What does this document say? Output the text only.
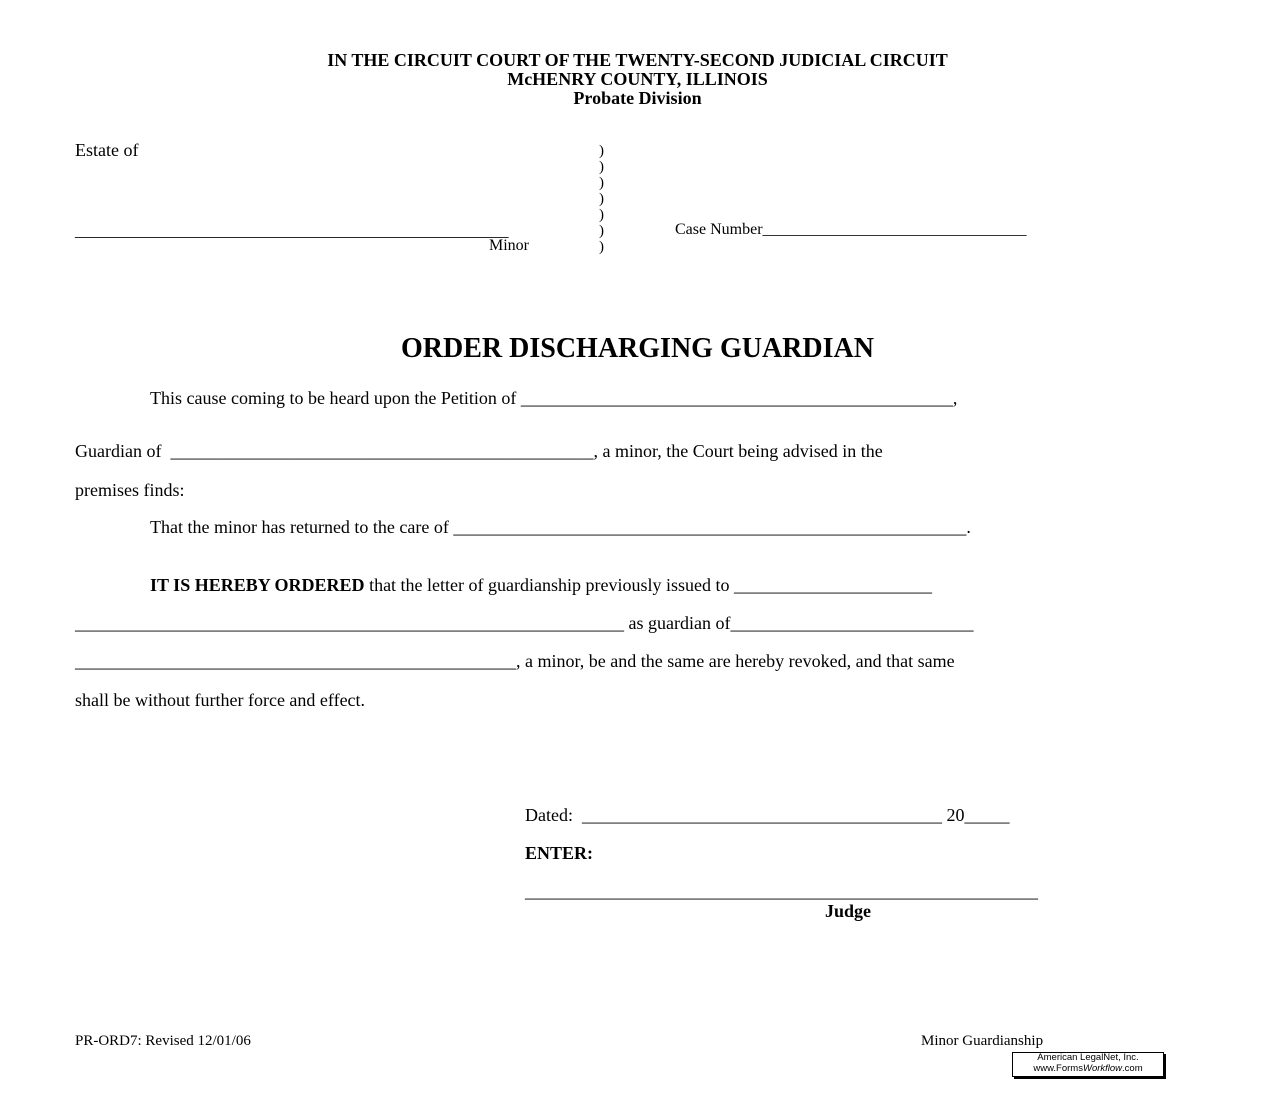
IN THE CIRCUIT COURT OF THE TWENTY-SECOND JUDICIAL CIRCUIT
McHENRY COUNTY, ILLINOIS
Probate Division
Estate of
___________________________________________________
Minor
)
)
)
)
)
)
)
Case Number_________________________________
ORDER DISCHARGING GUARDIAN
This cause coming to be heard upon the Petition of ________________________________________________,
Guardian of  _______________________________________________, a minor, the Court being advised in the
premises finds:
That the minor has returned to the care of _________________________________________________________.
IT IS HEREBY ORDERED that the letter of guardianship previously issued to ______________________
_____________________________________________________________ as guardian of___________________________
_________________________________________________, a minor, be and the same are hereby revoked, and that same
shall be without further force and effect.
Dated: ________________________________________ 20_____
ENTER:
_________________________________________________________
Judge
PR-ORD7: Revised 12/01/06	Minor Guardianship
American LegalNet, Inc.
www.FormsWorkflow.com
